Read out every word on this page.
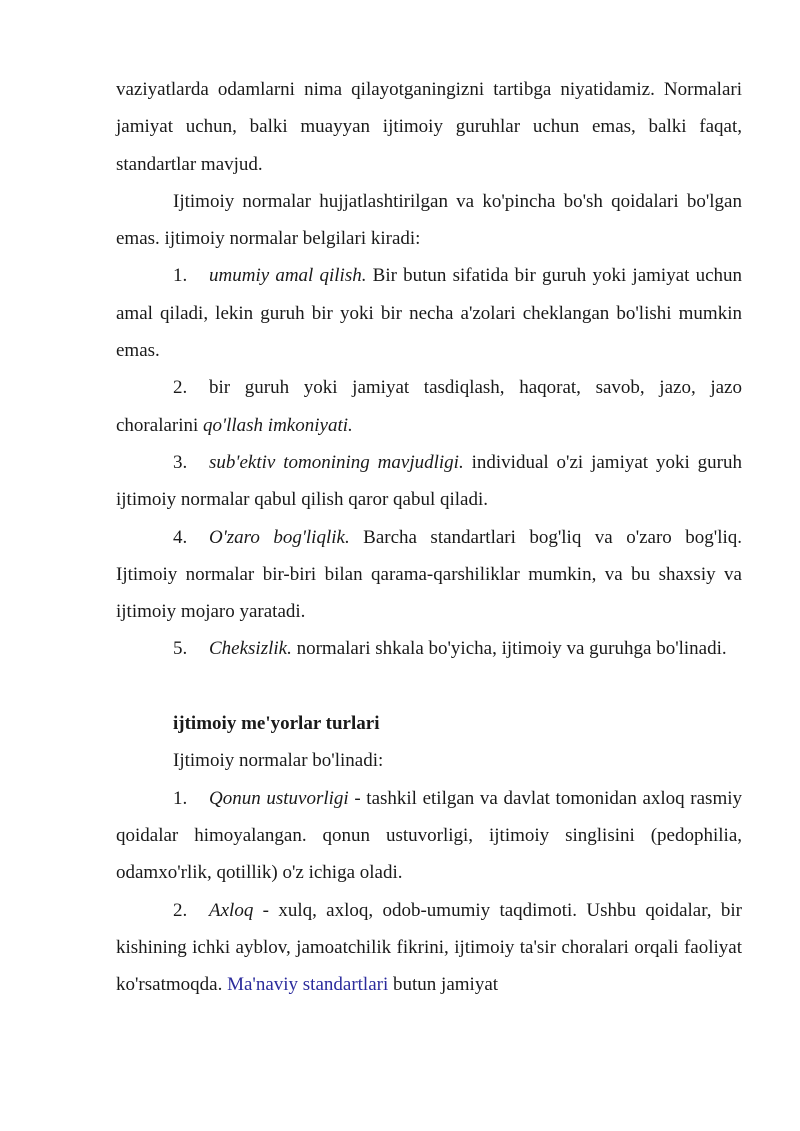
vaziyatlarda odamlarni nima qilayotganingizni tartibga niyatidamiz. Normalari jamiyat uchun, balki muayyan ijtimoiy guruhlar uchun emas, balki faqat, standartlar mavjud.

Ijtimoiy normalar hujjatlashtirilgan va ko'pincha bo'sh qoidalari bo'lgan emas. ijtimoiy normalar belgilari kiradi:

1. umumiy amal qilish. Bir butun sifatida bir guruh yoki jamiyat uchun amal qiladi, lekin guruh bir yoki bir necha a'zolari cheklangan bo'lishi mumkin emas.

2. bir guruh yoki jamiyat tasdiqlash, haqorat, savob, jazo, jazo choralarini qo'llash imkoniyati.

3. sub'ektiv tomonining mavjudligi. individual o'zi jamiyat yoki guruh ijtimoiy normalar qabul qilish qaror qabul qiladi.

4. O'zaro bog'liqlik. Barcha standartlari bog'liq va o'zaro bog'liq. Ijtimoiy normalar bir-biri bilan qarama-qarshiliklar mumkin, va bu shaxsiy va ijtimoiy mojaro yaratadi.

5. Cheksizlik. normalari shkala bo'yicha, ijtimoiy va guruhga bo'linadi.

ijtimoiy me'yorlar turlari

Ijtimoiy normalar bo'linadi:

1. Qonun ustuvorligi - tashkil etilgan va davlat tomonidan axloq rasmiy qoidalar himoyalangan. qonun ustuvorligi, ijtimoiy singlisini (pedophilia, odamxo'rlik, qotillik) o'z ichiga oladi.

2. Axloq - xulq, axloq, odob-umumiy taqdimoti. Ushbu qoidalar, bir kishining ichki ayblov, jamoatchilik fikrini, ijtimoiy ta'sir choralari orqali faoliyat ko'rsatmoqda. Ma'naviy standartlari butun jamiyat
